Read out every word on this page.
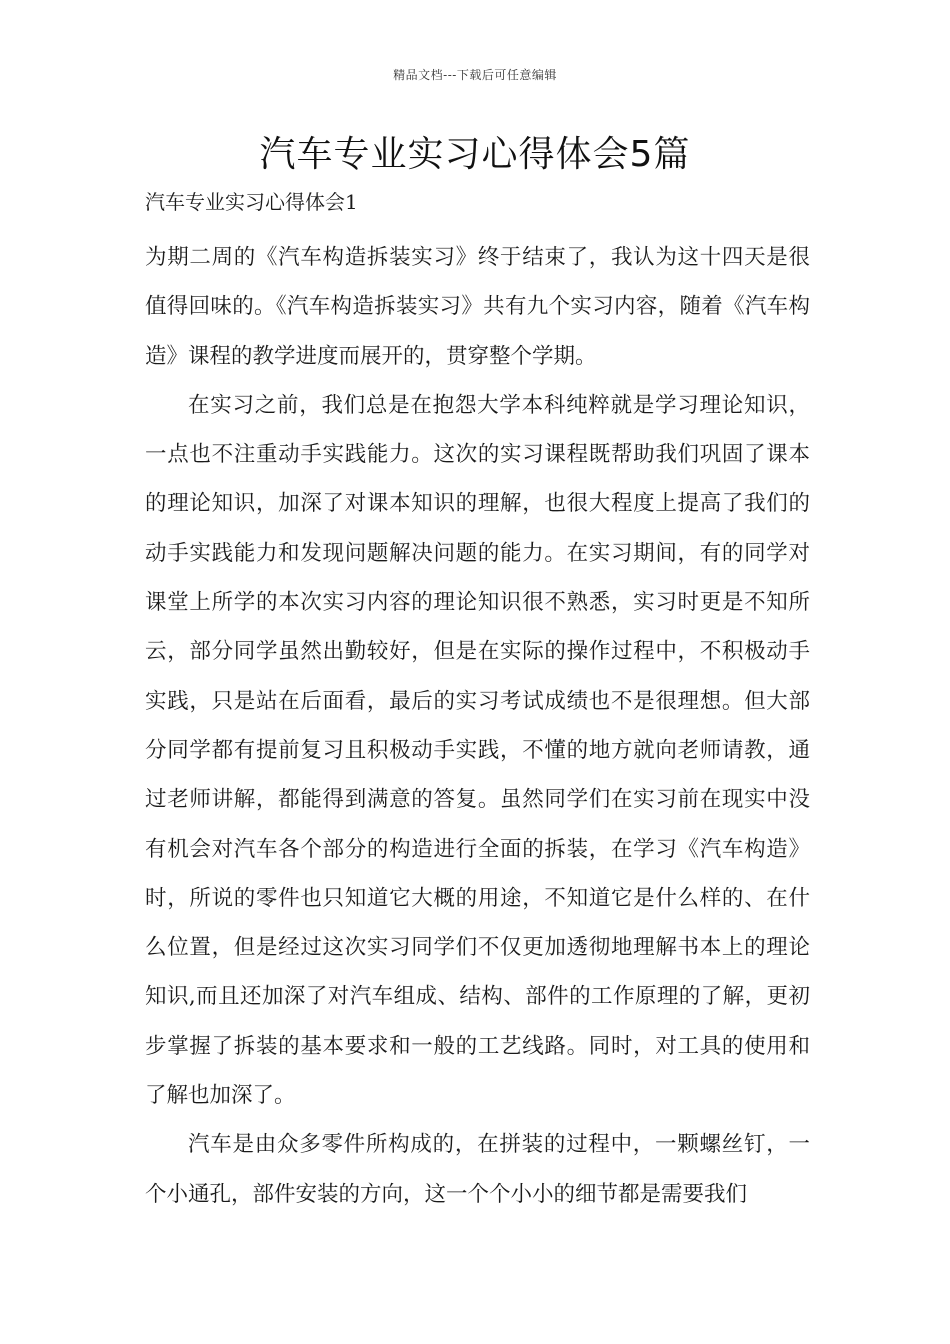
精品文档---下载后可任意编辑
汽车专业实习心得体会5篇
汽车专业实习心得体会1

为期二周的《汽车构造拆装实习》终于结束了，我认为这十四天是很值得回味的。《汽车构造拆装实习》共有九个实习内容，随着《汽车构造》课程的教学进度而展开的，贯穿整个学期。

在实习之前，我们总是在抱怨大学本科纯粹就是学习理论知识，一点也不注重动手实践能力。这次的实习课程既帮助我们巩固了课本的理论知识，加深了对课本知识的理解，也很大程度上提高了我们的动手实践能力和发现问题解决问题的能力。在实习期间，有的同学对课堂上所学的本次实习内容的理论知识很不熟悉，实习时更是不知所云，部分同学虽然出勤较好，但是在实际的操作过程中，不积极动手实践，只是站在后面看，最后的实习考试成绩也不是很理想。但大部分同学都有提前复习且积极动手实践，不懂的地方就向老师请教，通过老师讲解，都能得到满意的答复。虽然同学们在实习前在现实中没有机会对汽车各个部分的构造进行全面的拆装，在学习《汽车构造》时，所说的零件也只知道它大概的用途，不知道它是什么样的、在什么位置，但是经过这次实习同学们不仅更加透彻地理解书本上的理论知识,而且还加深了对汽车组成、结构、部件的工作原理的了解，更初步掌握了拆装的基本要求和一般的工艺线路。同时，对工具的使用和了解也加深了。

汽车是由众多零件所构成的，在拼装的过程中，一颗螺丝钉，一个小通孔，部件安装的方向，这一个个小小的细节都是需要我们
